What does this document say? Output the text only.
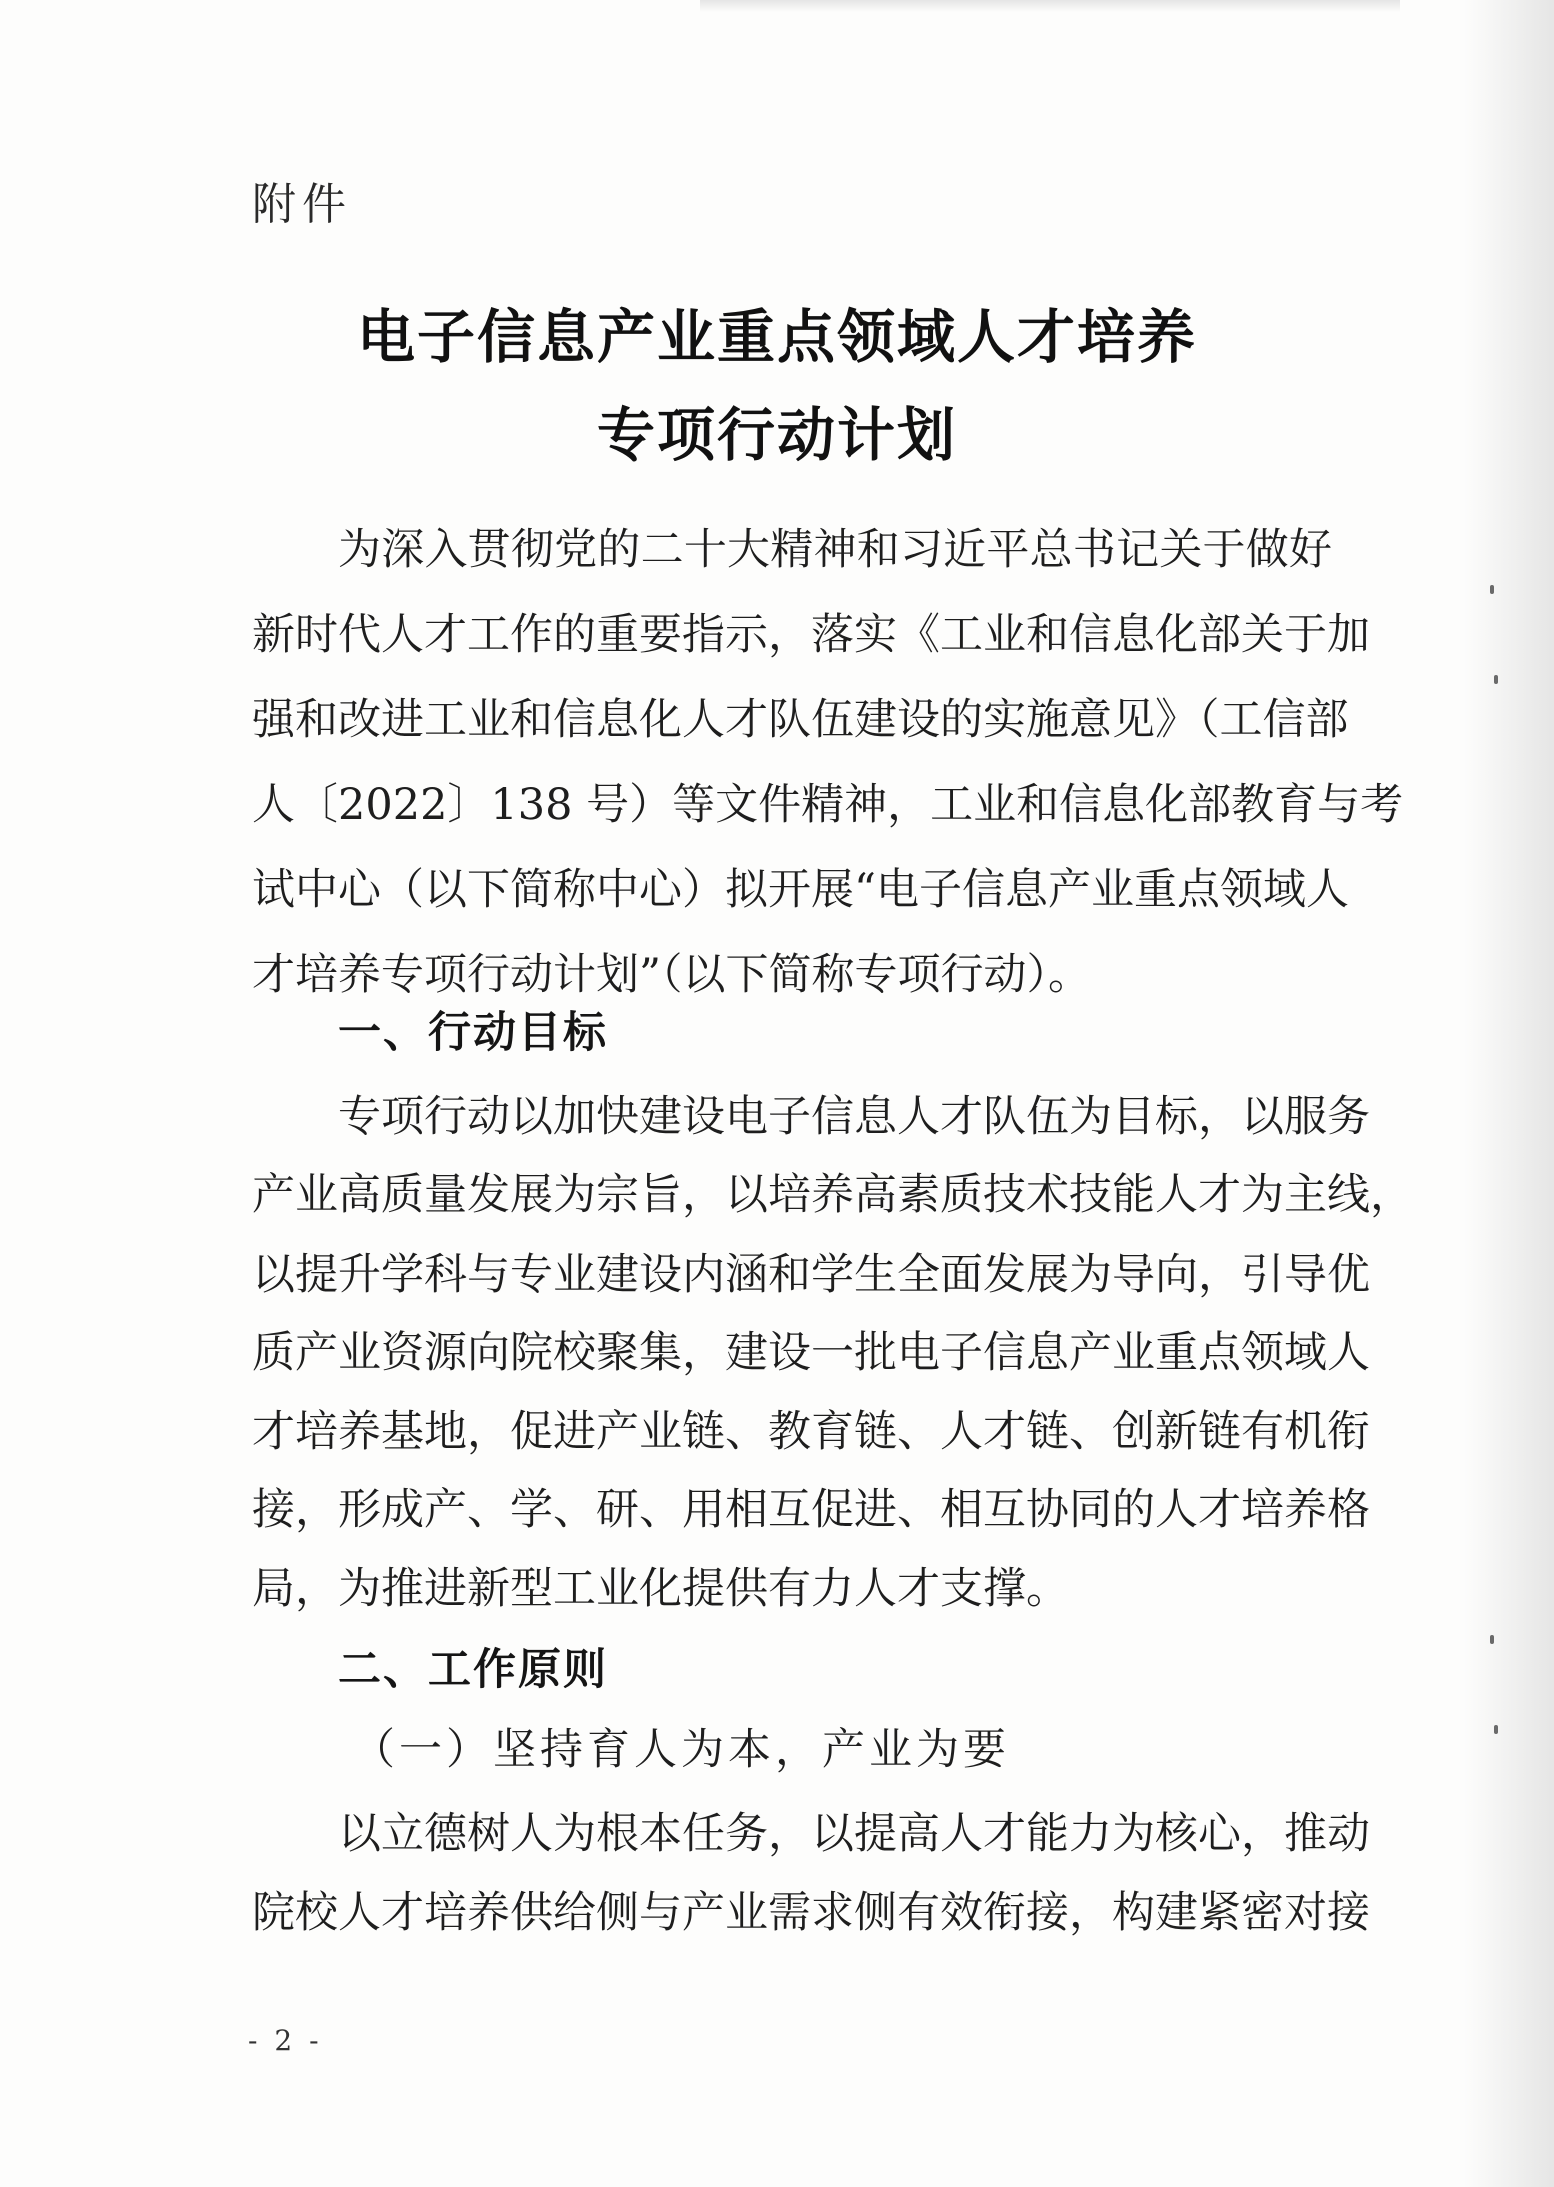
附件
电子信息产业重点领域人才培养
专项行动计划
为深入贯彻党的二十大精神和习近平总书记关于做好
新时代人才工作的重要指示，落实《工业和信息化部关于加
强和改进工业和信息化人才队伍建设的实施意见》（工信部
人〔2022〕138 号）等文件精神，工业和信息化部教育与考
试中心（以下简称中心）拟开展“电子信息产业重点领域人
才培养专项行动计划”（以下简称专项行动）。
一、行动目标
专项行动以加快建设电子信息人才队伍为目标，以服务
产业高质量发展为宗旨，以培养高素质技术技能人才为主线，
以提升学科与专业建设内涵和学生全面发展为导向，引导优
质产业资源向院校聚集，建设一批电子信息产业重点领域人
才培养基地，促进产业链、教育链、人才链、创新链有机衔
接，形成产、学、研、用相互促进、相互协同的人才培养格
局，为推进新型工业化提供有力人才支撑。
二、工作原则
（一）坚持育人为本，产业为要
以立德树人为根本任务，以提高人才能力为核心，推动
院校人才培养供给侧与产业需求侧有效衔接，构建紧密对接
- 2 -
